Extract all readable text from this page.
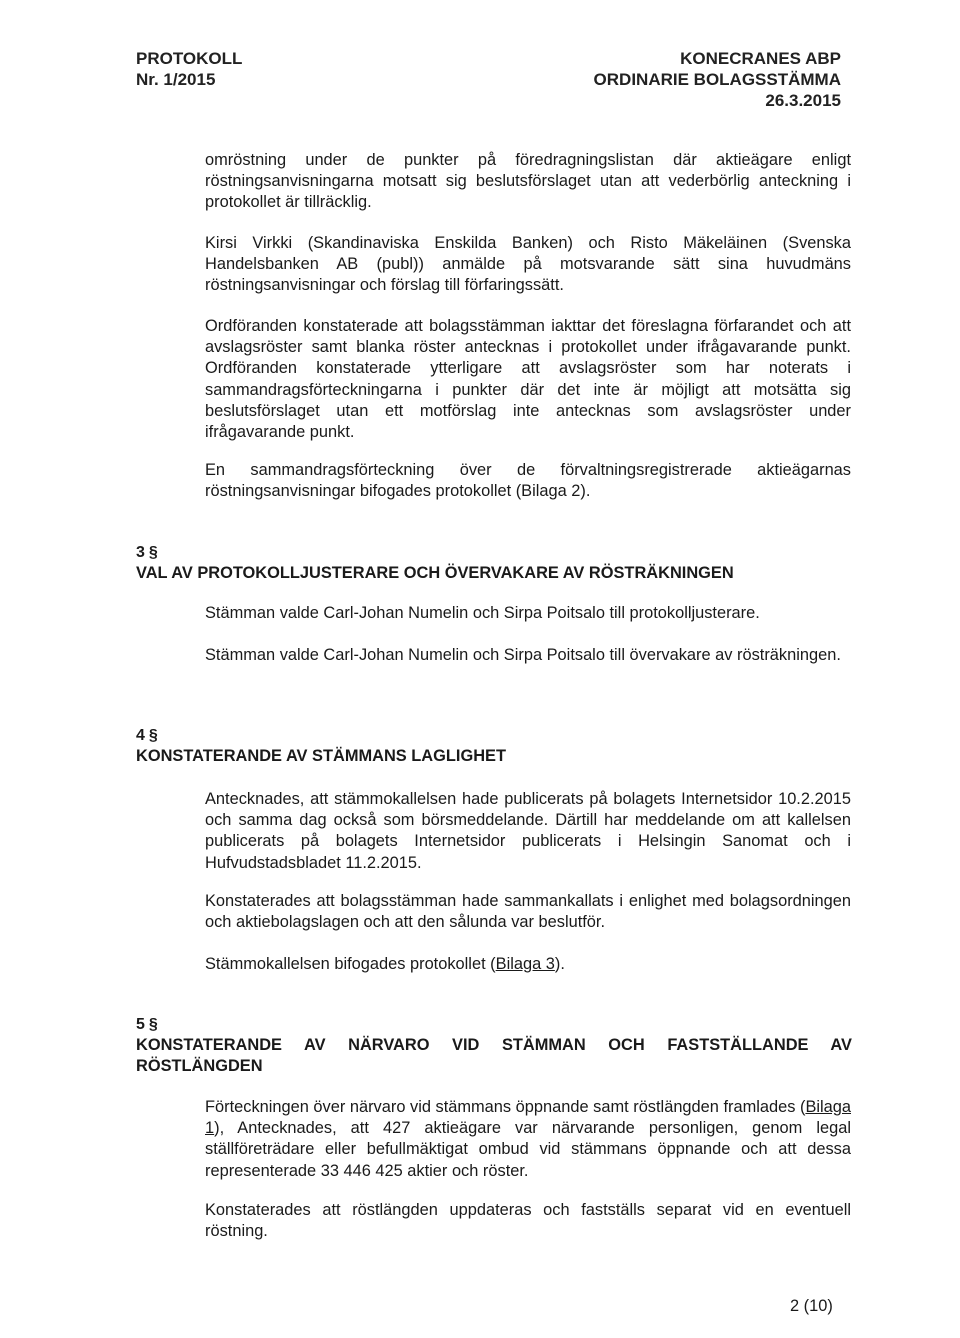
PROTOKOLL
Nr. 1/2015
KONECRANES ABP
ORDINARIE BOLAGSSTÄMMA
26.3.2015

omröstning under de punkter på föredragningslistan där aktieägare enligt röstningsanvisningarna motsatt sig beslutsförslaget utan att vederbörlig anteckning i protokollet är tillräcklig.

Kirsi Virkki (Skandinaviska Enskilda Banken) och Risto Mäkeläinen (Svenska Handelsbanken AB (publ)) anmälde på motsvarande sätt sina huvudmäns röstningsanvisningar och förslag till förfaringssätt.

Ordföranden konstaterade att bolagsstämman iakttar det föreslagna förfarandet och att avslagsröster samt blanka röster antecknas i protokollet under ifrågavarande punkt. Ordföranden konstaterade ytterligare att avslagsröster som har noterats i sammandragsförteckningarna i punkter där det inte är möjligt att motsätta sig beslutsförslaget utan ett motförslag inte antecknas som avslagsröster under ifrågavarande punkt.

En sammandragsförteckning över de förvaltningsregistrerade aktieägarnas röstningsanvisningar bifogades protokollet (Bilaga 2).

3 §

VAL AV PROTOKOLLJUSTERARE OCH ÖVERVAKARE AV RÖSTRÄKNINGEN

Stämman valde Carl-Johan Numelin och Sirpa Poitsalo till protokolljusterare.

Stämman valde Carl-Johan Numelin och Sirpa Poitsalo till övervakare av rösträkningen.

4 §

KONSTATERANDE AV STÄMMANS LAGLIGHET

Antecknades, att stämmokallelsen hade publicerats på bolagets Internetsidor 10.2.2015 och samma dag också som börsmeddelande. Därtill har meddelande om att kallelsen publicerats på bolagets Internetsidor publicerats i Helsingin Sanomat och i Hufvudstadsbladet 11.2.2015.

Konstaterades att bolagsstämman hade sammankallats i enlighet med bolagsordningen och aktiebolagslagen och att den sålunda var beslutför.

Stämmokallelsen bifogades protokollet (Bilaga 3).

5 §

KONSTATERANDE AV NÄRVARO VID STÄMMAN OCH FASTSTÄLLANDE AV

RÖSTLÄNGDEN

Förteckningen över närvaro vid stämmans öppnande samt röstlängden framlades (Bilaga 1), Antecknades, att 427 aktieägare var närvarande personligen, genom legal ställföreträdare eller befullmäktigat ombud vid stämmans öppnande och att dessa representerade 33 446 425 aktier och röster.

Konstaterades att röstlängden uppdateras och fastställs separat vid en eventuell röstning.

2 (10)
